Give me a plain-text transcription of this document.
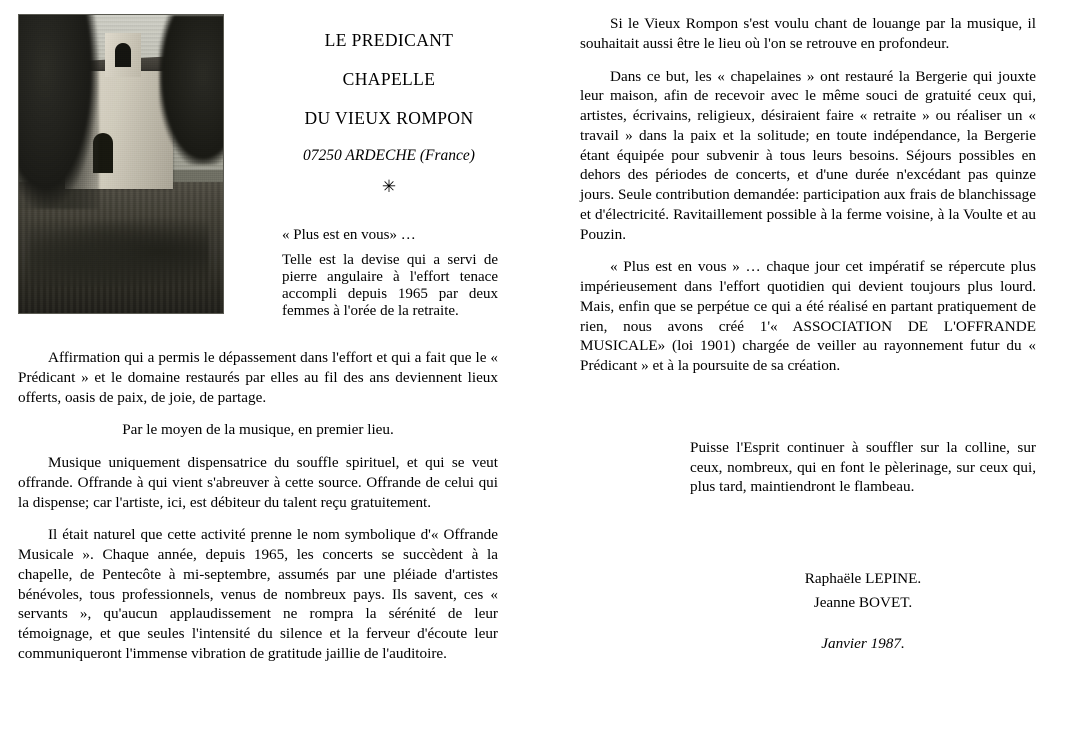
LE PREDICANT
CHAPELLE
DU VIEUX ROMPON
07250 ARDECHE (France)
✳

« Plus est en vous» …

Telle est la devise qui a servi de pierre angulaire à l'effort tenace accompli depuis 1965 par deux femmes à l'orée de la retraite.

Affirmation qui a permis le dépassement dans l'effort et qui a fait que le « Prédicant » et le domaine restaurés par elles au fil des ans deviennent lieux offerts, oasis de paix, de joie, de partage.

Par le moyen de la musique, en premier lieu.

Musique uniquement dispensatrice du souffle spirituel, et qui se veut offrande. Offrande à qui vient s'abreuver à cette source. Offrande de celui qui la dispense; car l'artiste, ici, est débiteur du talent reçu gratuitement.

Il était naturel que cette activité prenne le nom symbolique d'« Offrande Musicale ». Chaque année, depuis 1965, les concerts se succèdent à la chapelle, de Pentecôte à mi-septembre, assumés par une pléiade d'artistes bénévoles, tous professionnels, venus de nombreux pays. Ils savent, ces « servants », qu'aucun applaudissement ne rompra la sérénité de leur témoignage, et que seules l'intensité du silence et la ferveur d'écoute leur communiqueront l'immense vibration de gratitude jaillie de l'auditoire.

Si le Vieux Rompon s'est voulu chant de louange par la musique, il souhaitait aussi être le lieu où l'on se retrouve en profondeur.

Dans ce but, les « chapelaines » ont restauré la Bergerie qui jouxte leur maison, afin de recevoir avec le même souci de gratuité ceux qui, artistes, écrivains, religieux, désiraient faire « retraite » ou réaliser un « travail » dans la paix et la solitude; en toute indépendance, la Bergerie étant équipée pour subvenir à tous leurs besoins. Séjours possibles en dehors des périodes de concerts, et d'une durée n'excédant pas quinze jours. Seule contribution demandée: participation aux frais de blanchissage et d'électricité. Ravitaillement possible à la ferme voisine, à la Voulte et au Pouzin.

« Plus est en vous » … chaque jour cet impératif se répercute plus impérieusement dans l'effort quotidien qui devient toujours plus lourd. Mais, enfin que se perpétue ce qui a été réalisé en partant pratiquement de rien, nous avons créé 1'« ASSOCIATION DE L'OFFRANDE MUSICALE» (loi 1901) chargée de veiller au rayonnement futur du « Prédicant » et à la poursuite de sa création.

Puisse l'Esprit continuer à souffler sur la colline, sur ceux, nombreux, qui en font le pèlerinage, sur ceux qui, plus tard, maintiendront le flambeau.

Raphaële LEPINE.
Jeanne BOVET.
Janvier 1987.
